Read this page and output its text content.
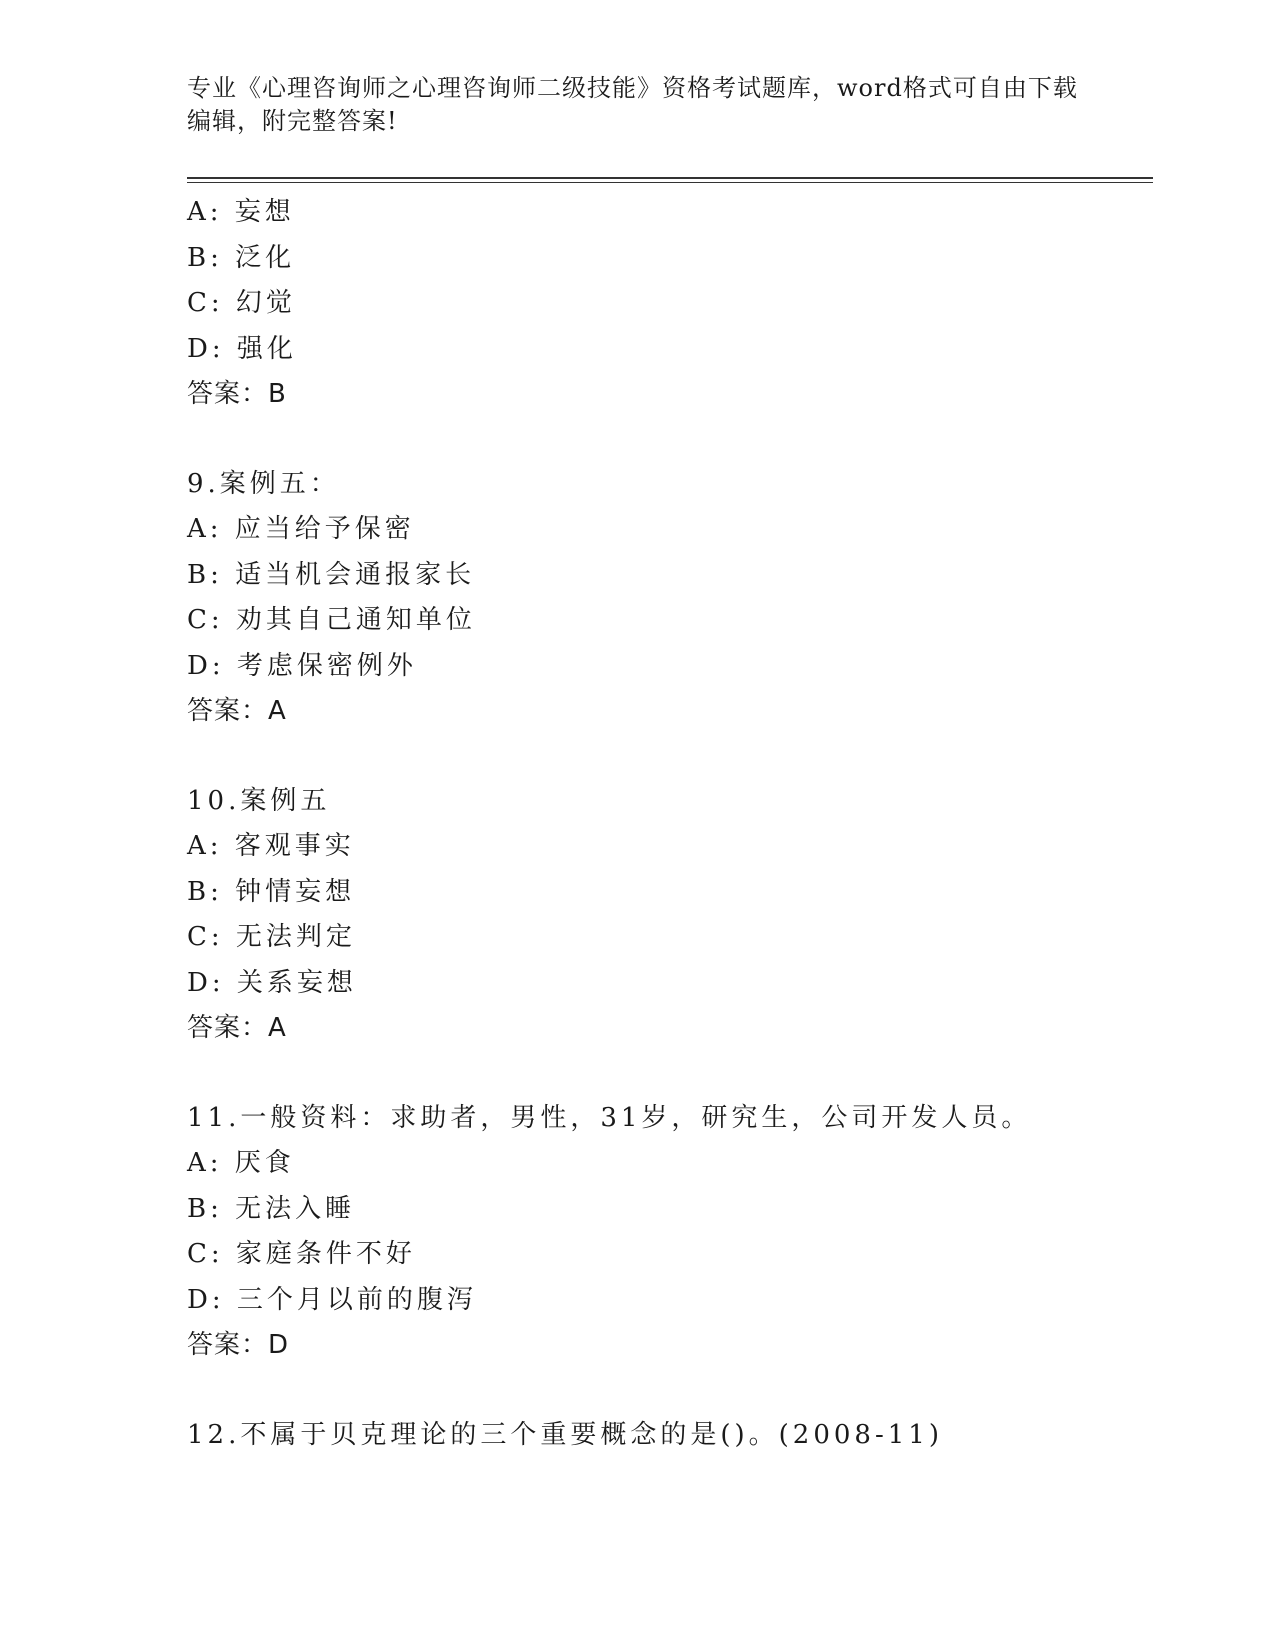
专业《心理咨询师之心理咨询师二级技能》资格考试题库，word格式可自由下载
编辑，附完整答案!
A: 妄想
B: 泛化
C: 幻觉
D: 强化
答案：B
9.案例五：
A: 应当给予保密
B: 适当机会通报家长
C: 劝其自己通知单位
D: 考虑保密例外
答案：A
10.案例五
A: 客观事实
B: 钟情妄想
C: 无法判定
D: 关系妄想
答案：A
11.一般资料：求助者，男性，31岁，研究生，公司开发人员。
A: 厌食
B: 无法入睡
C: 家庭条件不好
D: 三个月以前的腹泻
答案：D
12.不属于贝克理论的三个重要概念的是()。(2008-11)
